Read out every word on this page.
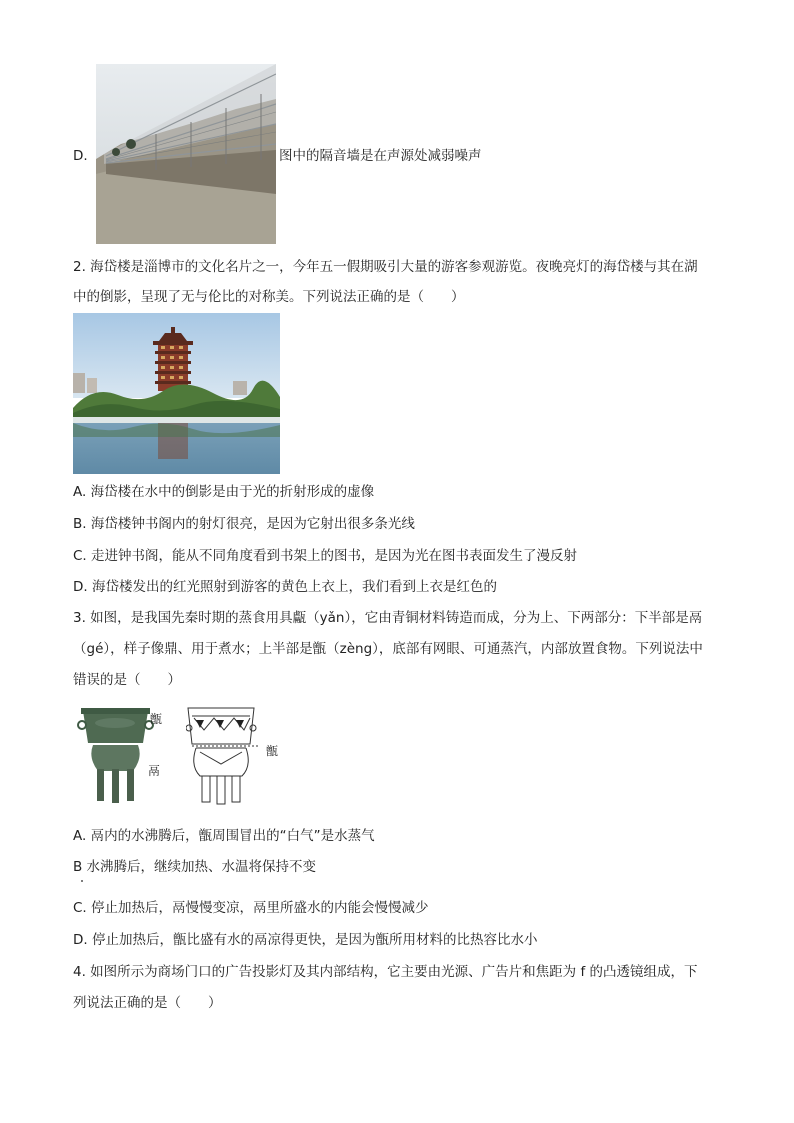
D.	图中的隔音墙是在声源处减弱噪声
2. 海岱楼是淄博市的文化名片之一，今年五一假期吸引大量的游客参观游览。夜晚亮灯的海岱楼与其在湖
中的倒影，呈现了无与伦比的对称美。下列说法正确的是（　　）
A. 海岱楼在水中的倒影是由于光的折射形成的虚像
B. 海岱楼钟书阁内的射灯很亮，是因为它射出很多条光线
C. 走进钟书阁，能从不同角度看到书架上的图书，是因为光在图书表面发生了漫反射
D. 海岱楼发出的红光照射到游客的黄色上衣上，我们看到上衣是红色的
3. 如图，是我国先秦时期的蒸食用具甗（yǎn），它由青铜材料铸造而成，分为上、下两部分：下半部是鬲
（gé），样子像鼎、用于煮水；上半部是甑（zèng），底部有网眼、可通蒸汽，内部放置食物。下列说法中
错误的是（　　）
甑
鬲
甑
A. 鬲内的水沸腾后，甑周围冒出的“白气”是水蒸气
B 水沸腾后，继续加热、水温将保持不变
C. 停止加热后，鬲慢慢变凉，鬲里所盛水的内能会慢慢减少
D. 停止加热后，甑比盛有水的鬲凉得更快，是因为甑所用材料的比热容比水小
4. 如图所示为商场门口的广告投影灯及其内部结构，它主要由光源、广告片和焦距为 f 的凸透镜组成，下
列说法正确的是（　　）
